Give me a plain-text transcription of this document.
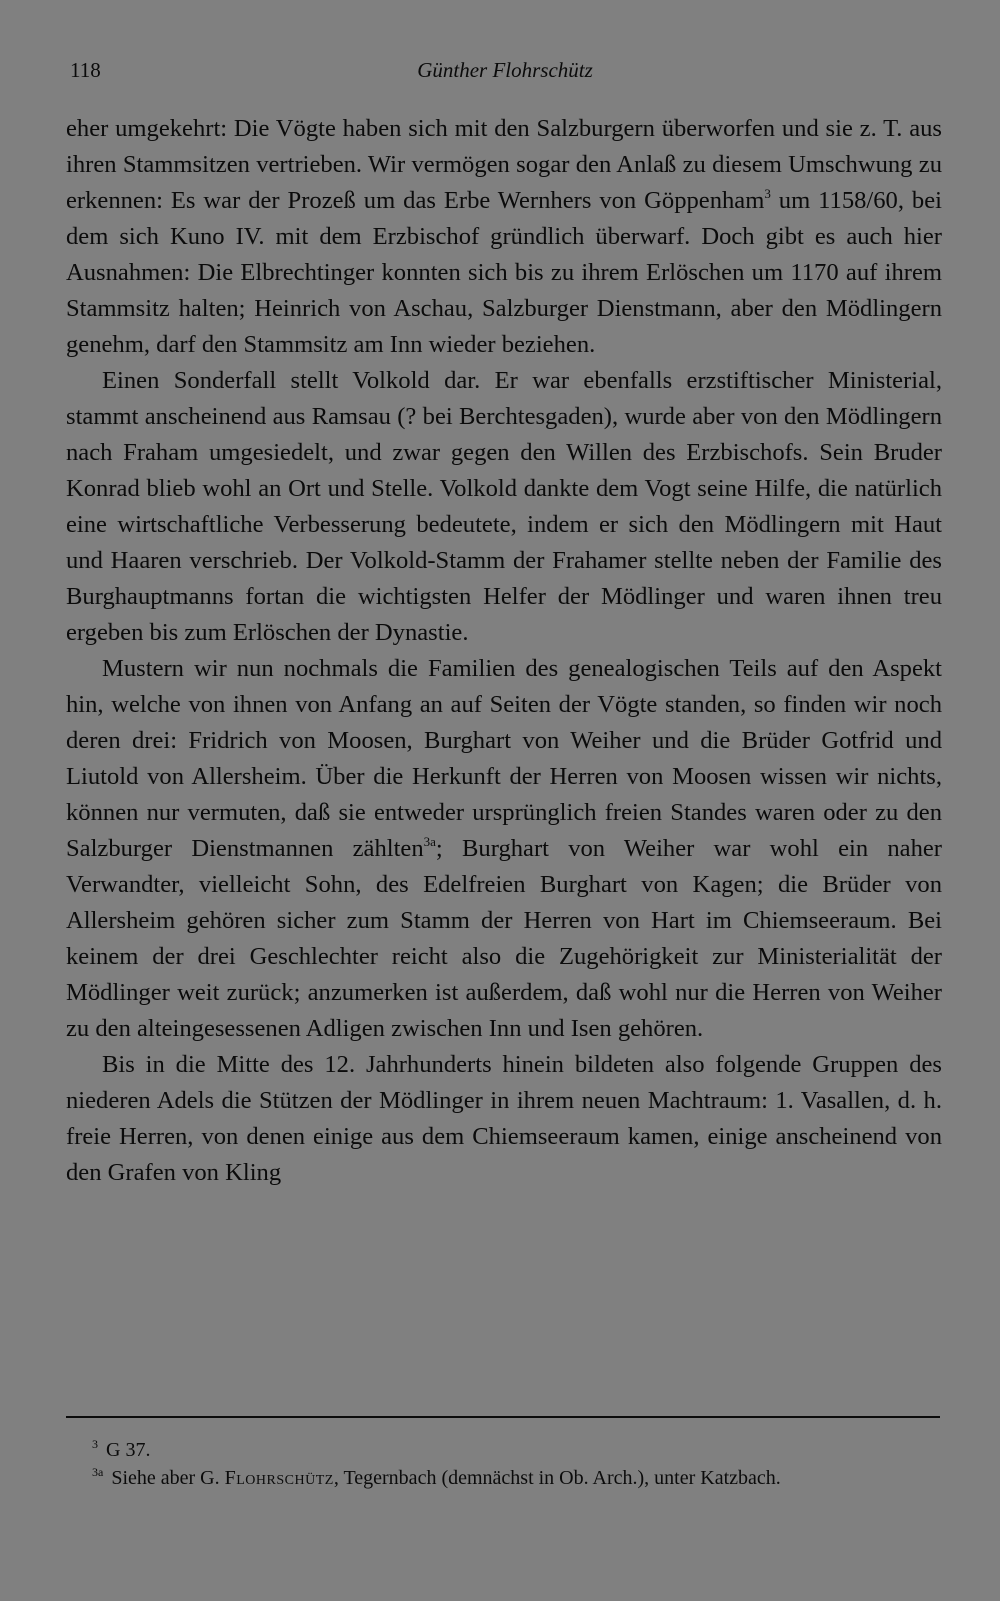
118	Günther Flohrschütz

eher umgekehrt: Die Vögte haben sich mit den Salzburgern überworfen und sie z. T. aus ihren Stammsitzen vertrieben. Wir vermögen sogar den Anlaß zu diesem Umschwung zu erkennen: Es war der Prozeß um das Erbe Wernhers von Göppenham$^3$ um 1158/60, bei dem sich Kuno IV. mit dem Erzbischof gründlich überwarf. Doch gibt es auch hier Ausnahmen: Die Elbrechtinger konnten sich bis zu ihrem Erlöschen um 1170 auf ihrem Stammsitz halten; Heinrich von Aschau, Salzburger Dienstmann, aber den Mödlingern genehm, darf den Stammsitz am Inn wieder beziehen.

Einen Sonderfall stellt Volkold dar. Er war ebenfalls erzstiftischer Ministerial, stammt anscheinend aus Ramsau (? bei Berchtesgaden), wurde aber von den Mödlingern nach Fraham umgesiedelt, und zwar gegen den Willen des Erzbischofs. Sein Bruder Konrad blieb wohl an Ort und Stelle. Volkold dankte dem Vogt seine Hilfe, die natürlich eine wirtschaftliche Verbesserung bedeutete, indem er sich den Mödlingern mit Haut und Haaren verschrieb. Der Volkold-Stamm der Frahamer stellte neben der Familie des Burghauptmanns fortan die wichtigsten Helfer der Mödlinger und waren ihnen treu ergeben bis zum Erlöschen der Dynastie.

Mustern wir nun nochmals die Familien des genealogischen Teils auf den Aspekt hin, welche von ihnen von Anfang an auf Seiten der Vögte standen, so finden wir noch deren drei: Fridrich von Moosen, Burghart von Weiher und die Brüder Gotfrid und Liutold von Allersheim. Über die Herkunft der Herren von Moosen wissen wir nichts, können nur vermuten, daß sie entweder ursprünglich freien Standes waren oder zu den Salzburger Dienstmannen zählten$^{3a}$; Burghart von Weiher war wohl ein naher Verwandter, vielleicht Sohn, des Edelfreien Burghart von Kagen; die Brüder von Allersheim gehören sicher zum Stamm der Herren von Hart im Chiemseeraum. Bei keinem der drei Geschlechter reicht also die Zugehörigkeit zur Ministerialität der Mödlinger weit zurück; anzumerken ist außerdem, daß wohl nur die Herren von Weiher zu den alteingesessenen Adligen zwischen Inn und Isen gehören.

Bis in die Mitte des 12. Jahrhunderts hinein bildeten also folgende Gruppen des niederen Adels die Stützen der Mödlinger in ihrem neuen Machtraum: 1. Vasallen, d. h. freie Herren, von denen einige aus dem Chiemseeraum kamen, einige anscheinend von den Grafen von Kling

$^3$ G 37.

$^{3a}$ Siehe aber G. Flohrschütz, Tegernbach (demnächst in Ob. Arch.), unter Katzbach.
